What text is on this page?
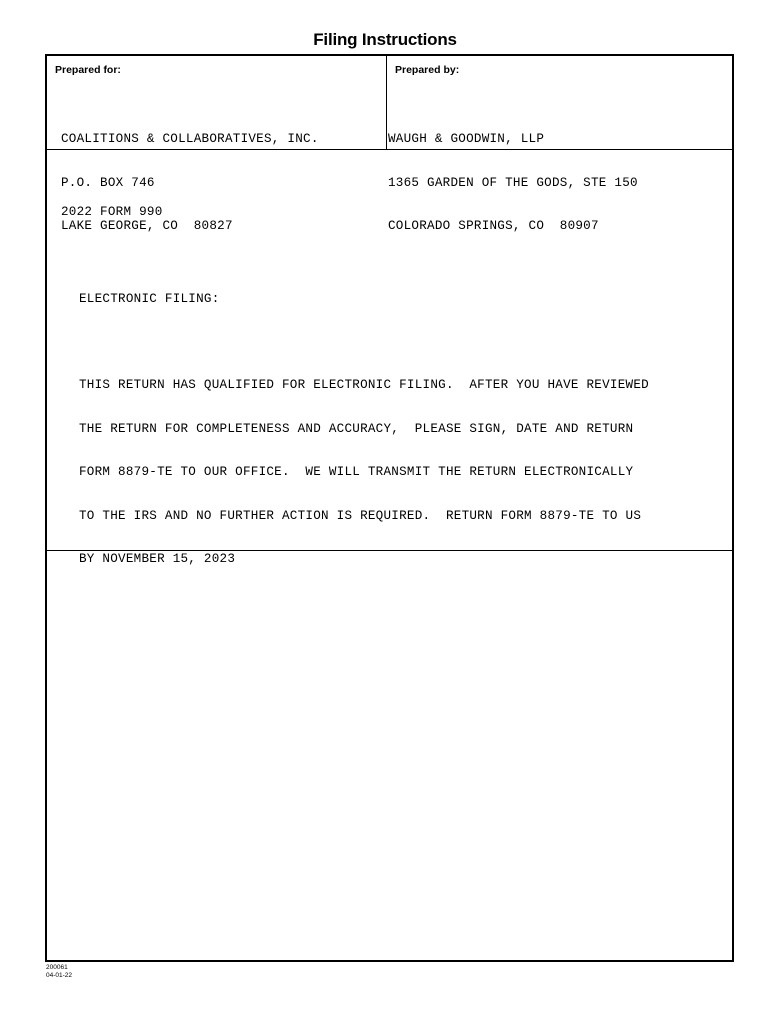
Filing Instructions
Prepared for:	Prepared by:

COALITIONS & COLLABORATIVES, INC.

P.O. BOX 746

LAKE GEORGE, CO  80827

WAUGH & GOODWIN, LLP

1365 GARDEN OF THE GODS, STE 150

COLORADO SPRINGS, CO  80907

2022 FORM 990

ELECTRONIC FILING:

THIS RETURN HAS QUALIFIED FOR ELECTRONIC FILING.  AFTER YOU HAVE REVIEWED

THE RETURN FOR COMPLETENESS AND ACCURACY,  PLEASE SIGN, DATE AND RETURN

FORM 8879-TE TO OUR OFFICE.  WE WILL TRANSMIT THE RETURN ELECTRONICALLY

TO THE IRS AND NO FURTHER ACTION IS REQUIRED.  RETURN FORM 8879-TE TO US

BY NOVEMBER 15, 2023

200061
04-01-22
